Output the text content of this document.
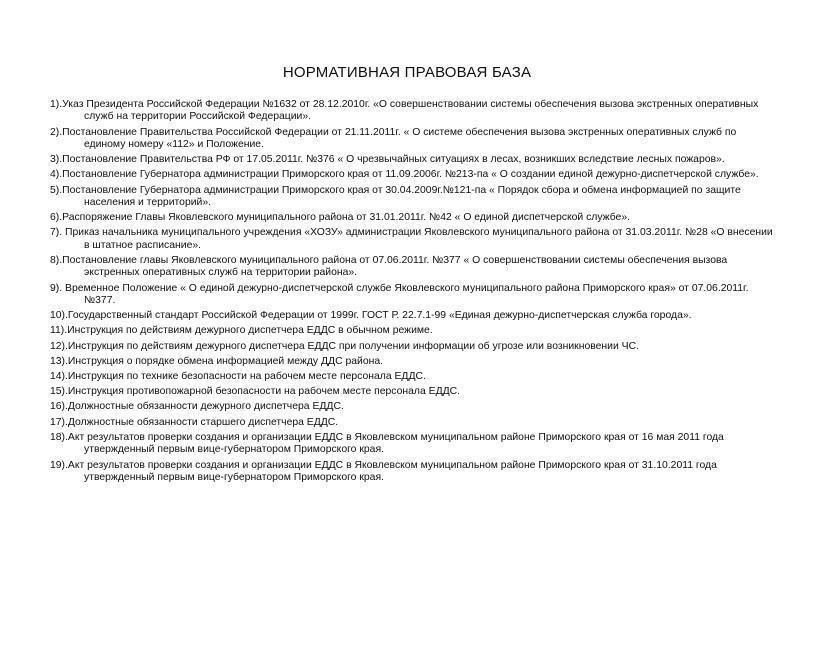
НОРМАТИВНАЯ ПРАВОВАЯ БАЗА
1).Указ Президента Российской Федерации №1632 от 28.12.2010г. «О совершенствовании системы обеспечения вызова экстренных оперативных служб на территории Российской Федерации».
2).Постановление Правительства Российской Федерации от 21.11.2011г. « О системе обеспечения вызова экстренных оперативных служб по единому номеру «112» и Положение.
3).Постановление Правительства РФ от 17.05.2011г. №376 « О чрезвычайных ситуациях в лесах, возникших вследствие лесных пожаров».
4).Постановление Губернатора администрации Приморского края от 11.09.2006г. №213-па « О создании единой дежурно-диспетчерской службе».
5).Постановление Губернатора администрации Приморского края от 30.04.2009г.№121-па « Порядок сбора и обмена информацией по защите населения и территорий».
6).Распоряжение Главы Яковлевского муниципального района от 31.01.2011г. №42 « О единой диспетчерской службе».
7). Приказ начальника муниципального учреждения «ХОЗУ» администрации Яковлевского муниципального района от 31.03.2011г. №28 «О внесении в штатное расписание».
8).Постановление главы Яковлевского муниципального района от 07.06.2011г. №377 « О совершенствовании системы обеспечения вызова экстренных оперативных служб на территории района».
9). Временное Положение « О единой дежурно-диспетчерской службе Яковлевского муниципального района Приморского края» от 07.06.2011г. №377.
10).Государственный стандарт Российской Федерации от 1999г. ГОСТ Р. 22.7.1-99 «Единая дежурно-диспетчерская служба города».
11).Инструкция по действиям дежурного диспетчера ЕДДС в обычном режиме.
12).Инструкция по действиям дежурного диспетчера ЕДДС при получении информации об угрозе или возникновении ЧС.
13).Инструкция о порядке обмена информацией между ДДС района.
14).Инструкция по технике безопасности на рабочем месте персонала ЕДДС.
15).Инструкция противопожарной безопасности на рабочем месте персонала ЕДДС.
16).Должностные обязанности дежурного диспетчера ЕДДС.
17).Должностные обязанности старшего диспетчера ЕДДС.
18).Акт результатов проверки создания и организации ЕДДС в Яковлевском муниципальном районе Приморского края от 16 мая 2011 года утвержденный первым вице-губернатором Приморского края.
19).Акт результатов проверки создания и организации ЕДДС в Яковлевском муниципальном районе Приморского края от 31.10.2011 года утвержденный первым вице-губернатором Приморского края.
